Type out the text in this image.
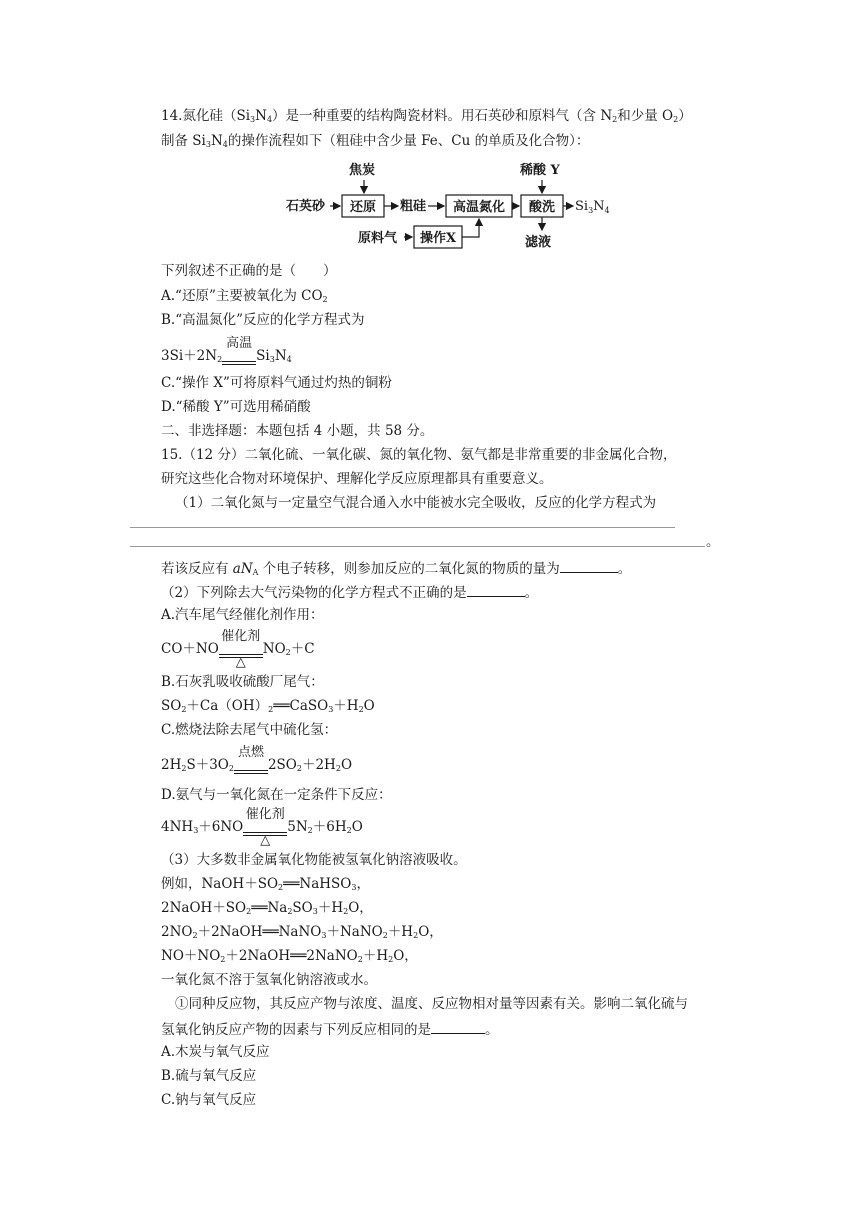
14.氮化硅$(Si_3N_4)$是一种重要的结构陶瓷材料。用石英砂和原料气（含 $N_2$和少量 $O_2$）
制备 $Si_3N_4$的操作流程如下（粗硅中含少量 Fe、Cu 的单质及化合物）：
焦炭	稀酸 Y
石英砂	粗硅
原料气	滤液
$Si_3N_4$
还原	高温氮化 酸洗
操作X
下列叙述不正确的是（　　）
A.“还原”主要被氧化为 $CO_2$
B.“高温氮化”反应的化学方程式为
$3Si+2N_2$
高温
$Si_3N_4$
C.“操作 X”可将原料气通过灼热的铜粉
D.“稀酸 Y”可选用稀硝酸
二、非选择题：本题包括 4 小题，共 58 分。
15.（12 分）二氧化硫、一氧化碳、氮的氧化物、氨气都是非常重要的非金属化合物，
研究这些化合物对环境保护、理解化学反应原理都具有重要意义。
（1）二氧化氮与一定量空气混合通入水中能被水完全吸收，反应的化学方程式为
。
若该反应有 $aN_A$ 个电子转移，则参加反应的二氧化氮的物质的量为	。
（2）下列除去大气污染物的化学方程式不正确的是	。
A.汽车尾气经催化剂作用：
CO＋NO
催化剂
△
$NO_2+C$
B.石灰乳吸收硫酸厂尾气：
$SO_2+Ca(OH)_2══CaSO_3+H_2O$
C.燃烧法除去尾气中硫化氢：
$2H_2S+3O_2$
点燃
$2SO_2+2H_2O$
D.氨气与一氧化氮在一定条件下反应：
$4NH_3+6NO$
催化剂
△
$5N_2+6H_2O$
（3）大多数非金属氧化物能被氢氧化钠溶液吸收。
例如，$NaOH+SO_2══NaHSO_3$，
$2NaOH+SO_2══Na_2SO_3+H_2O$，
$2NO_2+2NaOH══NaNO_3+NaNO_2+H_2O$，
$NO+NO_2+2NaOH══2NaNO_2+H_2O$，
一氧化氮不溶于氢氧化钠溶液或水。
①同种反应物，其反应产物与浓度、温度、反应物相对量等因素有关。影响二氧化硫与
氢氧化钠反应产物的因素与下列反应相同的是	。
A.木炭与氧气反应
B.硫与氧气反应
C.钠与氧气反应
